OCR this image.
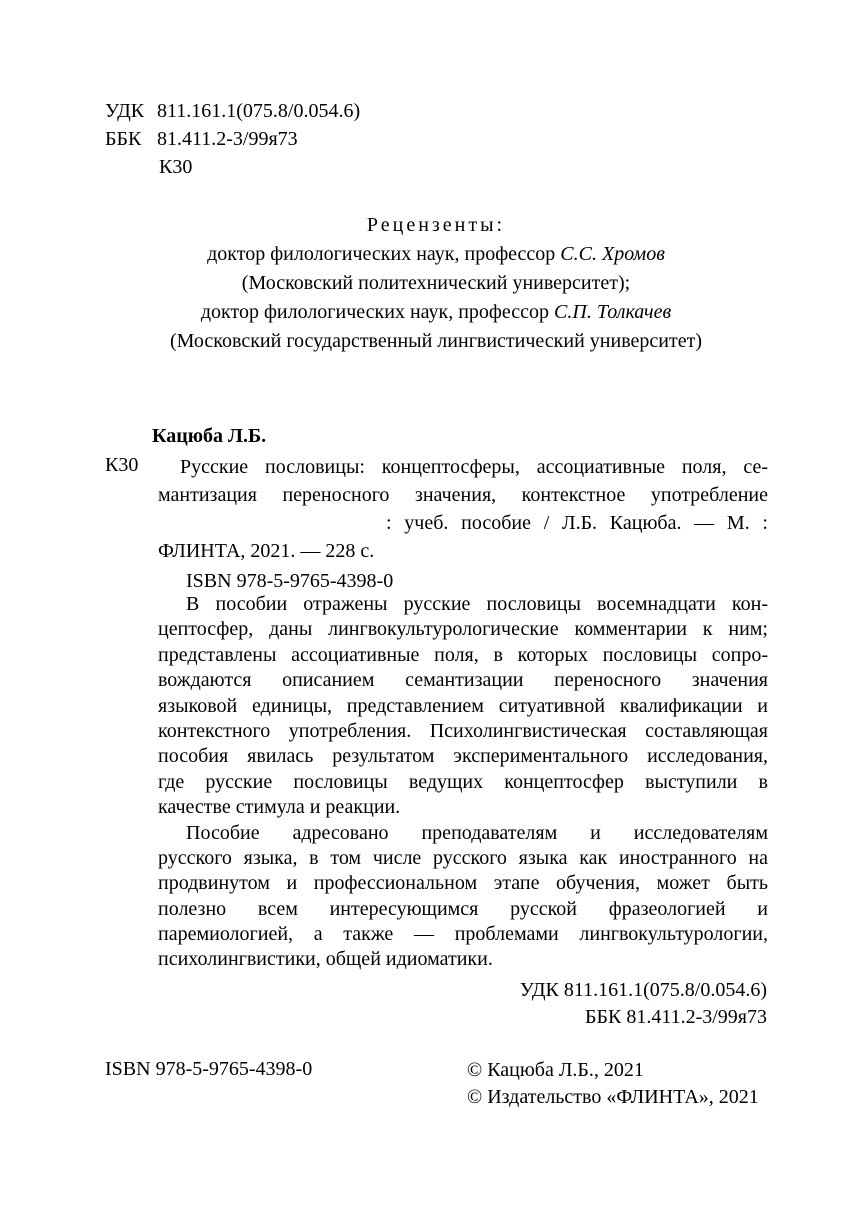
УДК 811.161.1(075.8/0.054.6)
ББК 81.411.2-3/99я73
К30
Рецензенты:
доктор филологических наук, профессор С.С. Хромов
(Московский политехнический университет);
доктор филологических наук, профессор С.П. Толкачев
(Московский государственный лингвистический университет)
Кацюба Л.Б.
К30	Русские пословицы: концептосферы, ассоциативные поля, се-
мантизация переносного значения, контекстное употребление
: учеб. пособие / Л.Б. Кацюба. — М. :
ФЛИНТА, 2021. — 228 с.
ISBN 978-5-9765-4398-0
В пособии отражены русские пословицы восемнадцати кон-
цептосфер, даны лингвокультурологические комментарии к ним;
представлены ассоциативные поля, в которых пословицы сопро-
вождаются описанием семантизации переносного значения
языковой единицы, представлением ситуативной квалификации и
контекстного употребления. Психолингвистическая составляющая
пособия явилась результатом экспериментального исследования,
где русские пословицы ведущих концептосфер выступили в
качестве стимула и реакции.
Пособие адресовано преподавателям и исследователям
русского языка, в том числе русского языка как иностранного на
продвинутом и профессиональном этапе обучения, может быть
полезно всем интересующимся русской фразеологией и
паремиологией, а также — проблемами лингвокультурологии,
психолингвистики, общей идиоматики.
УДК 811.161.1(075.8/0.054.6)
ББК 81.411.2-3/99я73
ISBN 978-5-9765-4398-0	© Кацюба Л.Б., 2021
© Издательство «ФЛИНТА», 2021
